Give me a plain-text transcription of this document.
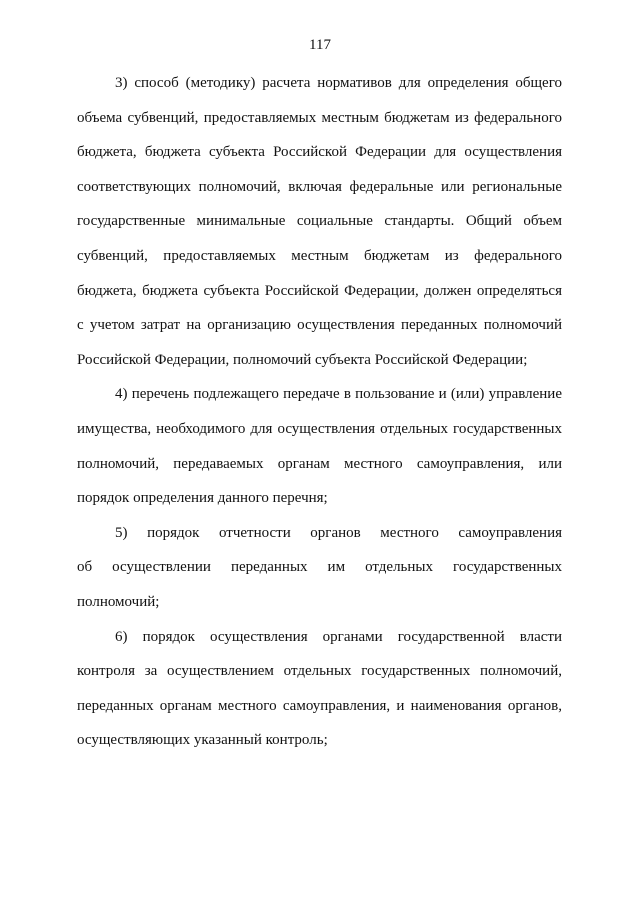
117

3) способ (методику) расчета нормативов для определения общего
объема субвенций, предоставляемых местным бюджетам из федерального
бюджета, бюджета субъекта Российской Федерации для осуществления
соответствующих полномочий, включая федеральные или региональные
государственные минимальные социальные стандарты. Общий объем
субвенций, предоставляемых местным бюджетам из федерального
бюджета, бюджета субъекта Российской Федерации, должен определяться
с учетом затрат на организацию осуществления переданных полномочий
Российской Федерации, полномочий субъекта Российской Федерации;

4) перечень подлежащего передаче в пользование и (или) управление
имущества, необходимого для осуществления отдельных государственных
полномочий, передаваемых органам местного самоуправления, или
порядок определения данного перечня;

5) порядок отчетности органов местного самоуправления
об осуществлении переданных им отдельных государственных
полномочий;

6) порядок осуществления органами государственной власти
контроля за осуществлением отдельных государственных полномочий,
переданных органам местного самоуправления, и наименования органов,
осуществляющих указанный контроль;
